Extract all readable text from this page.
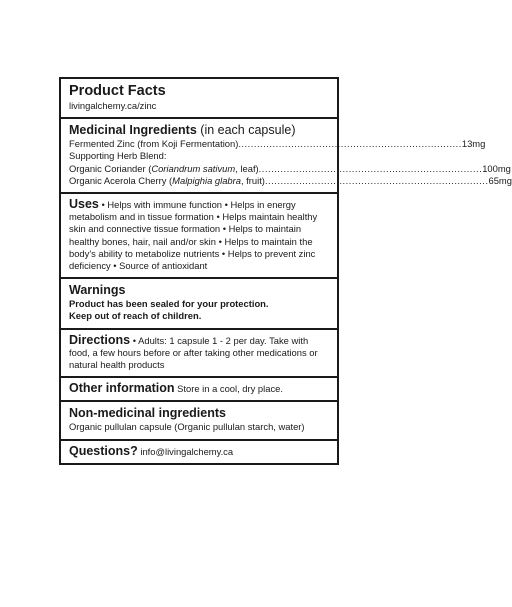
Product Facts
livingalchemy.ca/zinc
Medicinal Ingredients (in each capsule)
Fermented Zinc (from Koji Fermentation) ........................................................................ 13mg
Supporting Herb Blend:
Organic Coriander (Coriandrum sativum, leaf) ........................................................................ 100mg
Organic Acerola Cherry (Malpighia glabra, fruit) ........................................................................ 65mg
Uses • Helps with immune function • Helps in energy metabolism and in tissue formation • Helps maintain healthy skin and connective tissue formation • Helps to maintain healthy bones, hair, nail and/or skin • Helps to maintain the body's ability to metabolize nutrients • Helps to prevent zinc deficiency • Source of antioxidant
Warnings
Product has been sealed for your protection.
Keep out of reach of children.
Directions • Adults: 1 capsule 1 - 2 per day. Take with food, a few hours before or after taking other medications or natural health products
Other information Store in a cool, dry place.
Non-medicinal ingredients
Organic pullulan capsule (Organic pullulan starch, water)
Questions? info@livingalchemy.ca
